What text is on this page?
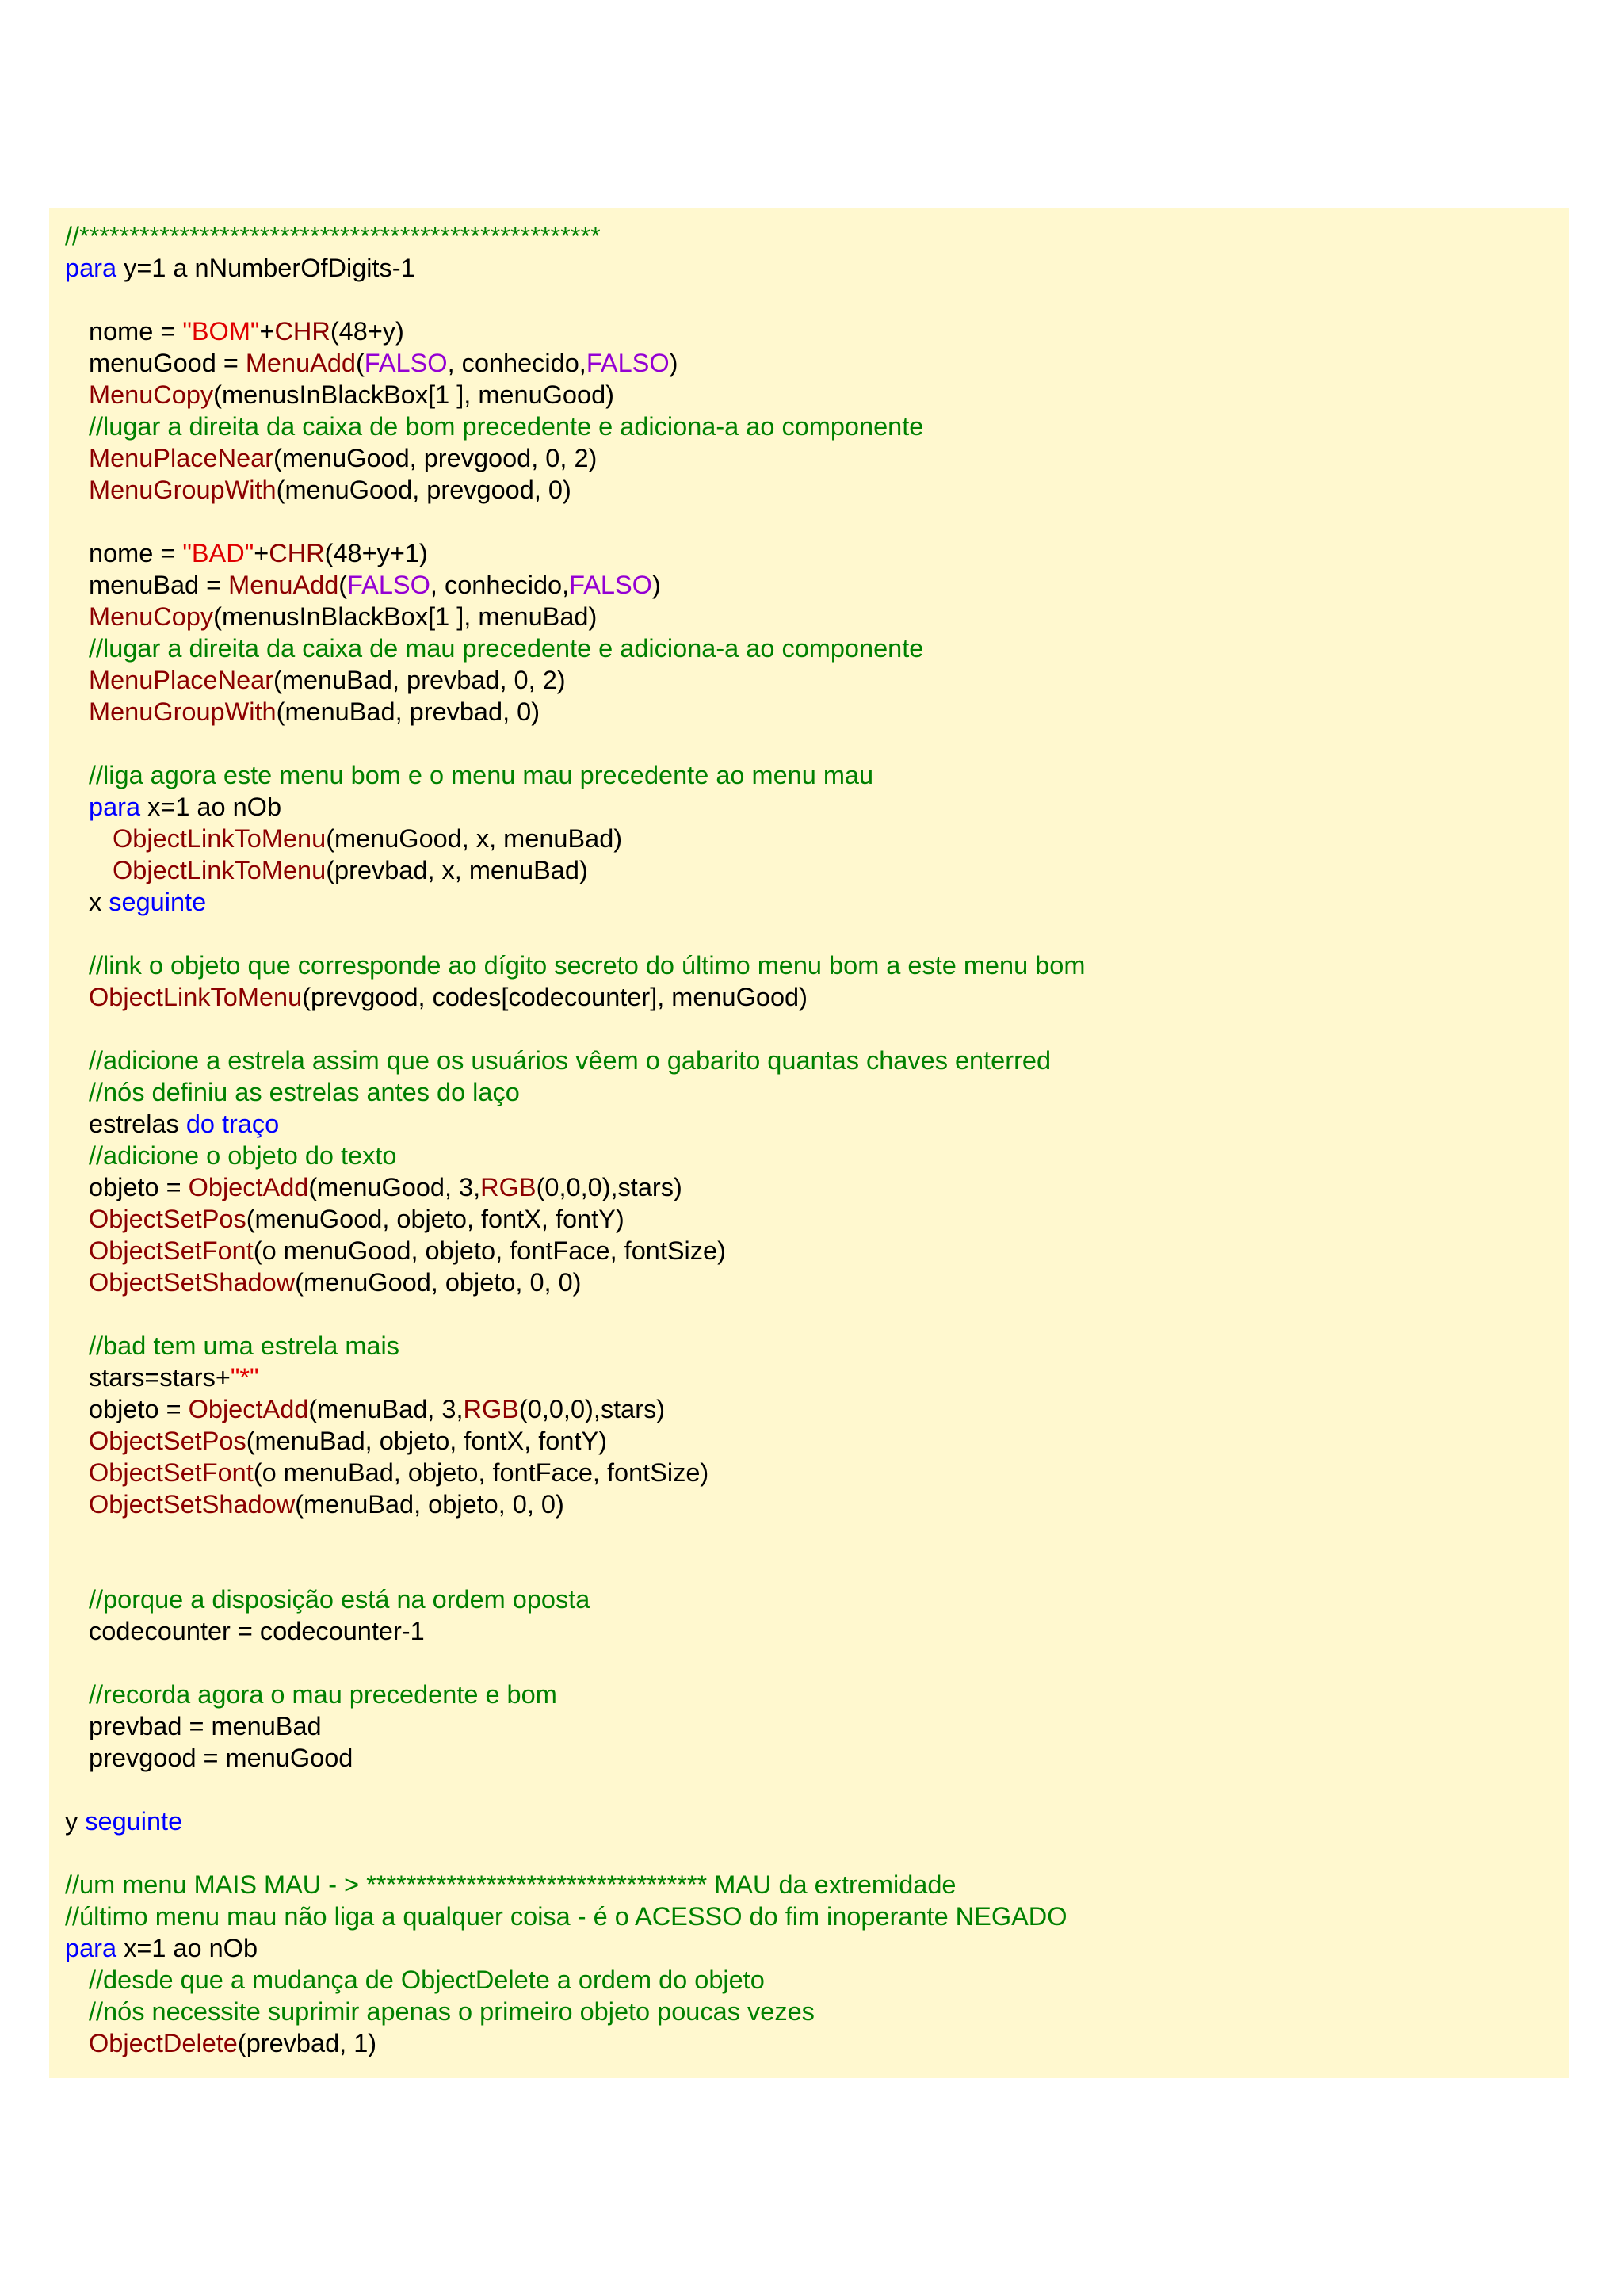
//****************************************************
para y=1 a nNumberOfDigits-1
nome = "BOM"+CHR(48+y)
menuGood = MenuAdd(FALSO, conhecido,FALSO)
MenuCopy(menusInBlackBox[1 ], menuGood)
//lugar a direita da caixa de bom precedente e adiciona-a ao componente
MenuPlaceNear(menuGood, prevgood, 0, 2)
MenuGroupWith(menuGood, prevgood, 0)
nome = "BAD"+CHR(48+y+1)
menuBad = MenuAdd(FALSO, conhecido,FALSO)
MenuCopy(menusInBlackBox[1 ], menuBad)
//lugar a direita da caixa de mau precedente e adiciona-a ao componente
MenuPlaceNear(menuBad, prevbad, 0, 2)
MenuGroupWith(menuBad, prevbad, 0)
//liga agora este menu bom e o menu mau precedente ao menu mau
para x=1 ao nOb
ObjectLinkToMenu(menuGood, x, menuBad)
ObjectLinkToMenu(prevbad, x, menuBad)
x seguinte
//link o objeto que corresponde ao dígito secreto do último menu bom a este menu bom
ObjectLinkToMenu(prevgood, codes[codecounter], menuGood)
//adicione a estrela assim que os usuários vêem o gabarito quantas chaves enterred
//nós definiu as estrelas antes do laço
estrelas do traço
//adicione o objeto do texto
objeto = ObjectAdd(menuGood, 3,RGB(0,0,0),stars)
ObjectSetPos(menuGood, objeto, fontX, fontY)
ObjectSetFont(o menuGood, objeto, fontFace, fontSize)
ObjectSetShadow(menuGood, objeto, 0, 0)
//bad tem uma estrela mais
stars=stars+"*"
objeto = ObjectAdd(menuBad, 3,RGB(0,0,0),stars)
ObjectSetPos(menuBad, objeto, fontX, fontY)
ObjectSetFont(o menuBad, objeto, fontFace, fontSize)
ObjectSetShadow(menuBad, objeto, 0, 0)
//porque a disposição está na ordem oposta
codecounter = codecounter-1
//recorda agora o mau precedente e bom
prevbad = menuBad
prevgood = menuGood
y seguinte
//um menu MAIS MAU - > ********************************** MAU da extremidade
//último menu mau não liga a qualquer coisa - é o ACESSO do fim inoperante NEGADO
para x=1 ao nOb
//desde que a mudança de ObjectDelete a ordem do objeto
//nós necessite suprimir apenas o primeiro objeto poucas vezes
ObjectDelete(prevbad, 1)
